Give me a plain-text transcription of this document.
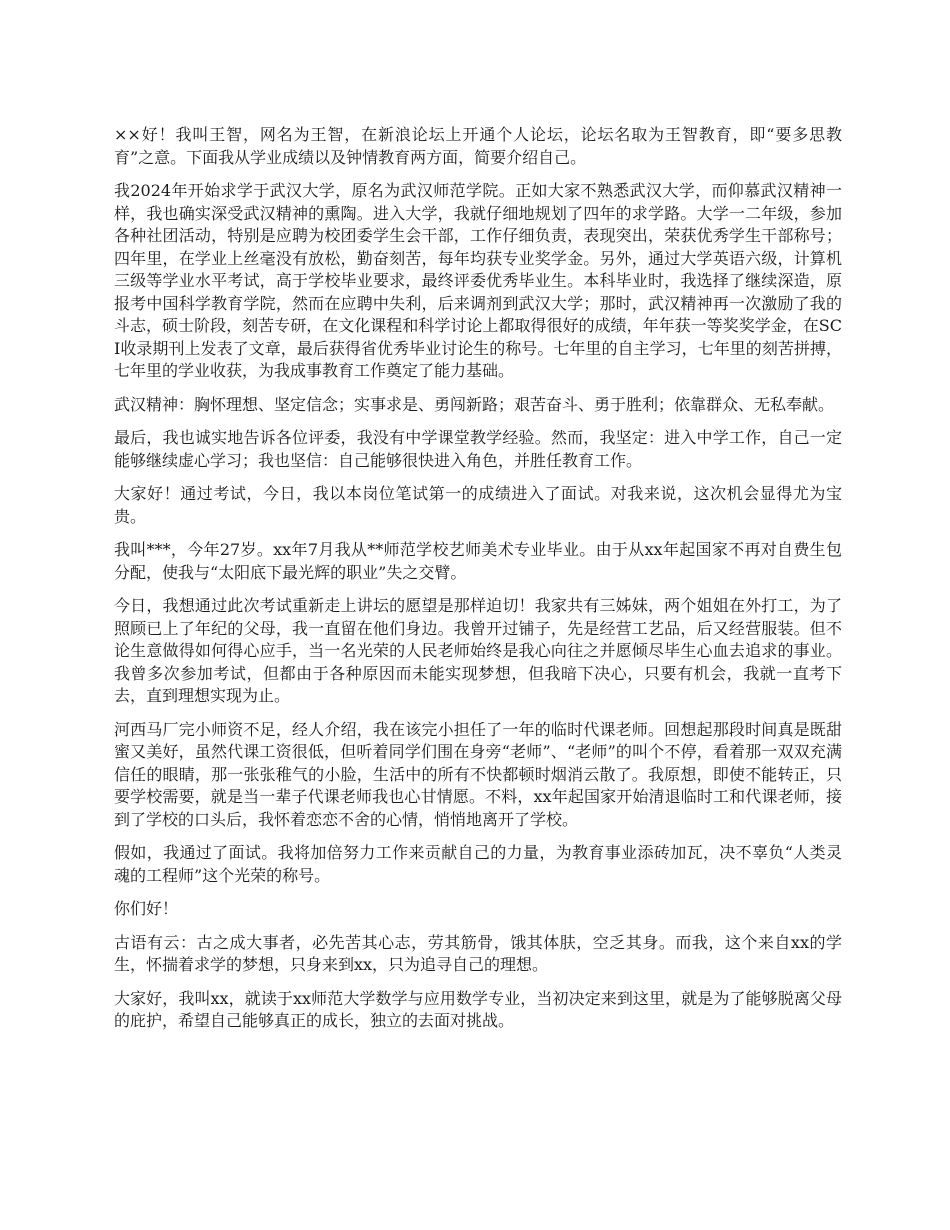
××好！我叫王智，网名为王智，在新浪论坛上开通个人论坛，论坛名取为王智教育，即“要多思教育”之意。下面我从学业成绩以及钟情教育两方面，简要介绍自己。

我2024年开始求学于武汉大学，原名为武汉师范学院。正如大家不熟悉武汉大学，而仰慕武汉精神一样，我也确实深受武汉精神的熏陶。进入大学，我就仔细地规划了四年的求学路。大学一二年级，参加各种社团活动，特别是应聘为校团委学生会干部，工作仔细负责，表现突出，荣获优秀学生干部称号；四年里，在学业上丝毫没有放松，勤奋刻苦，每年均获专业奖学金。另外，通过大学英语六级，计算机三级等学业水平考试，高于学校毕业要求，最终评委优秀毕业生。本科毕业时，我选择了继续深造，原报考中国科学教育学院，然而在应聘中失利，后来调剂到武汉大学；那时，武汉精神再一次激励了我的斗志，硕士阶段，刻苦专研，在文化课程和科学讨论上都取得很好的成绩，年年获一等奖奖学金，在SCI收录期刊上发表了文章，最后获得省优秀毕业讨论生的称号。七年里的自主学习，七年里的刻苦拼搏，七年里的学业收获，为我成事教育工作奠定了能力基础。

武汉精神：胸怀理想、坚定信念；实事求是、勇闯新路；艰苦奋斗、勇于胜利；依靠群众、无私奉献。

最后，我也诚实地告诉各位评委，我没有中学课堂教学经验。然而，我坚定：进入中学工作，自己一定能够继续虚心学习；我也坚信：自己能够很快进入角色，并胜任教育工作。

大家好！通过考试，今日，我以本岗位笔试第一的成绩进入了面试。对我来说，这次机会显得尤为宝贵。

我叫***，今年27岁。xx年7月我从**师范学校艺师美术专业毕业。由于从xx年起国家不再对自费生包分配，使我与“太阳底下最光辉的职业”失之交臂。

今日，我想通过此次考试重新走上讲坛的愿望是那样迫切！我家共有三姊妹，两个姐姐在外打工，为了照顾已上了年纪的父母，我一直留在他们身边。我曾开过铺子，先是经营工艺品，后又经营服装。但不论生意做得如何得心应手，当一名光荣的人民老师始终是我心向往之并愿倾尽毕生心血去追求的事业。我曾多次参加考试，但都由于各种原因而未能实现梦想，但我暗下决心，只要有机会，我就一直考下去，直到理想实现为止。

河西马厂完小师资不足，经人介绍，我在该完小担任了一年的临时代课老师。回想起那段时间真是既甜蜜又美好，虽然代课工资很低，但听着同学们围在身旁“老师”、“老师”的叫个不停，看着那一双双充满信任的眼睛，那一张张稚气的小脸，生活中的所有不快都顿时烟消云散了。我原想，即使不能转正，只要学校需要，就是当一辈子代课老师我也心甘情愿。不料，xx年起国家开始清退临时工和代课老师，接到了学校的口头后，我怀着恋恋不舍的心情，悄悄地离开了学校。

假如，我通过了面试。我将加倍努力工作来贡献自己的力量，为教育事业添砖加瓦，决不辜负“人类灵魂的工程师”这个光荣的称号。

你们好！

古语有云：古之成大事者，必先苦其心志，劳其筋骨，饿其体肤，空乏其身。而我，这个来自xx的学生，怀揣着求学的梦想，只身来到xx，只为追寻自己的理想。

大家好，我叫xx，就读于xx师范大学数学与应用数学专业，当初决定来到这里，就是为了能够脱离父母的庇护，希望自己能够真正的成长，独立的去面对挑战。
